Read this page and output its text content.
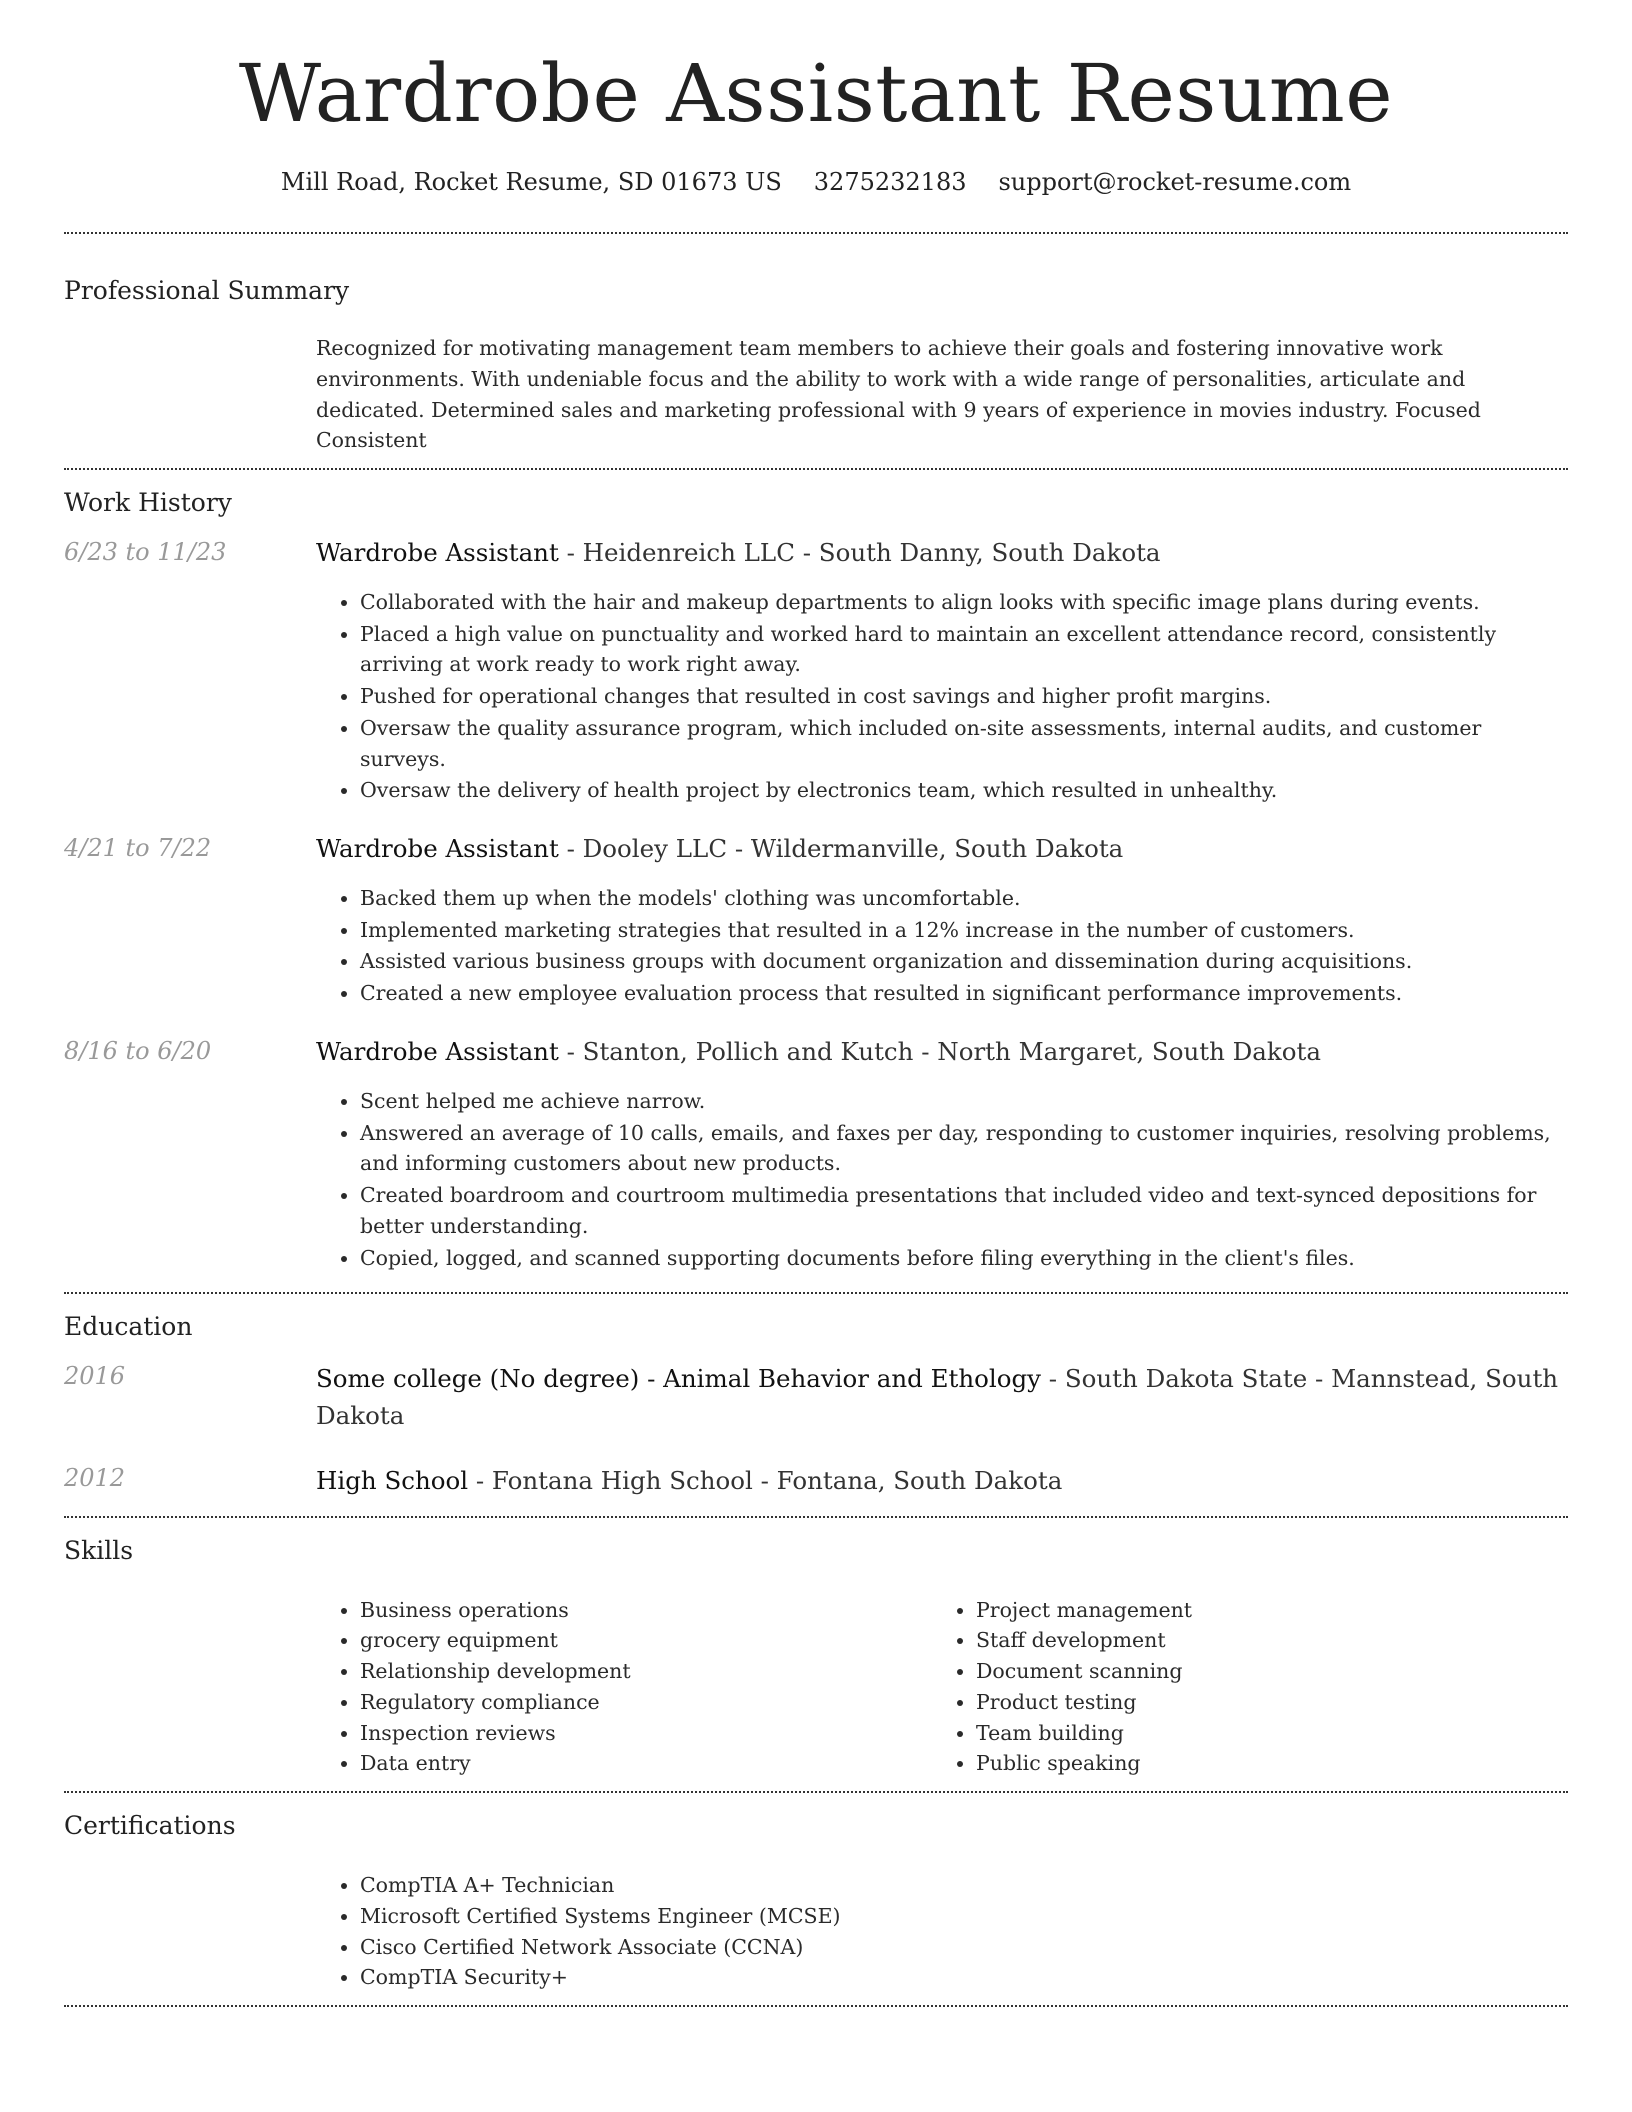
Wardrobe Assistant Resume
Mill Road, Rocket Resume, SD 01673 US 3275232183 support@rocket-resume.com
Professional Summary

Recognized for motivating management team members to achieve their goals and fostering innovative work environments. With undeniable focus and the ability to work with a wide range of personalities, articulate and dedicated. Determined sales and marketing professional with 9 years of experience in movies industry. Focused Consistent

Work History
6/23 to 11/23	Wardrobe Assistant - Heidenreich LLC - South Danny, South Dakota
• Collaborated with the hair and makeup departments to align looks with specific image plans during events.
• Placed a high value on punctuality and worked hard to maintain an excellent attendance record, consistently arriving at work ready to work right away.
• Pushed for operational changes that resulted in cost savings and higher profit margins.
• Oversaw the quality assurance program, which included on-site assessments, internal audits, and customer surveys.
• Oversaw the delivery of health project by electronics team, which resulted in unhealthy.
4/21 to 7/22	Wardrobe Assistant - Dooley LLC - Wildermanville, South Dakota
• Backed them up when the models' clothing was uncomfortable.
• Implemented marketing strategies that resulted in a 12% increase in the number of customers.
• Assisted various business groups with document organization and dissemination during acquisitions.
• Created a new employee evaluation process that resulted in significant performance improvements.
8/16 to 6/20	Wardrobe Assistant - Stanton, Pollich and Kutch - North Margaret, South Dakota
• Scent helped me achieve narrow.
• Answered an average of 10 calls, emails, and faxes per day, responding to customer inquiries, resolving problems, and informing customers about new products.
• Created boardroom and courtroom multimedia presentations that included video and text-synced depositions for better understanding.
• Copied, logged, and scanned supporting documents before filing everything in the client's files.
Education
2016	Some college (No degree) - Animal Behavior and Ethology - South Dakota State - Mannstead, South Dakota
2012	High School - Fontana High School - Fontana, South Dakota
Skills
• Business operations
• grocery equipment
• Relationship development
• Regulatory compliance
• Inspection reviews
• Data entry
• Project management
• Staff development
• Document scanning
• Product testing
• Team building
• Public speaking
Certifications
• CompTIA A+ Technician
• Microsoft Certified Systems Engineer (MCSE)
• Cisco Certified Network Associate (CCNA)
• CompTIA Security+
